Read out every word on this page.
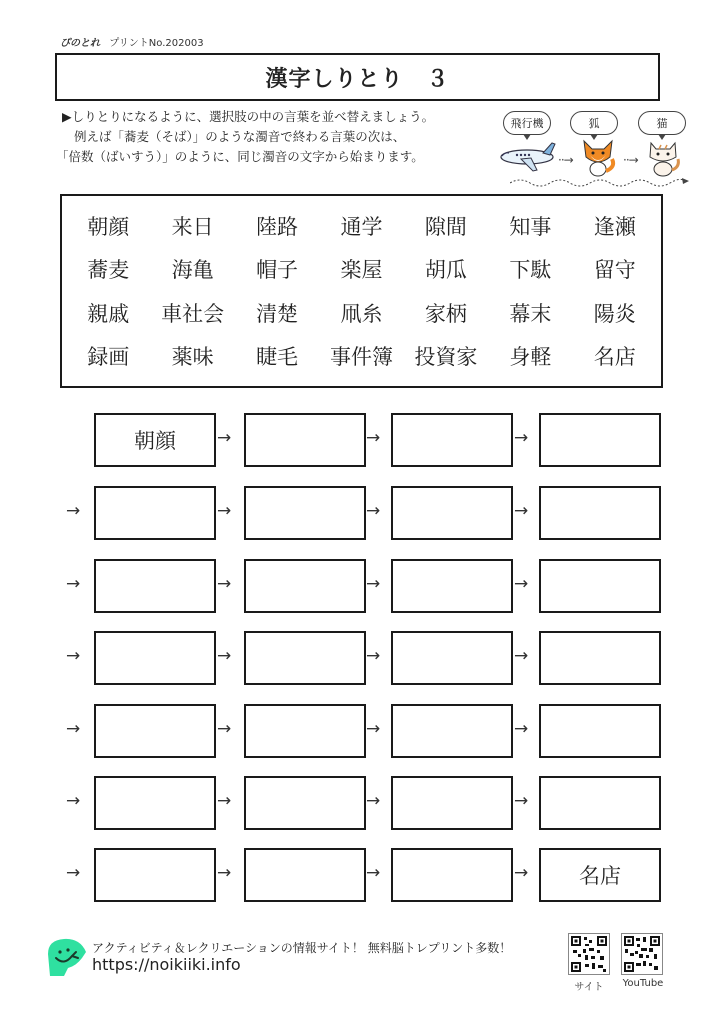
ぴのとれ プリントNo.202003
漢字しりとり　３
▶しりとりになるように、選択肢の中の言葉を並べ替えましょう。
例えば「蕎麦（そば）」のような濁音で終わる言葉の次は、
「倍数（ばいすう）」のように、同じ濁音の文字から始まります。
飛行機	狐	猫
··→	··→
朝顔	来日	陸路	通学	隙間	知事	逢瀬
蕎麦	海亀	帽子	楽屋	胡瓜	下駄	留守
親戚	車社会	清楚	凧糸	家柄	幕末	陽炎
録画	薬味	睫毛	事件簿	投資家	身軽	名店
朝顔	→	→	→
→	→	→	→
→	→	→	→
→	→	→	→
→	→	→	→
→	→	→	→
→	→	→	→	名店
アクティビティ＆レクリエーションの情報サイト！ 無料脳トレプリント多数！
https://noikiiki.info
サイト	YouTube
